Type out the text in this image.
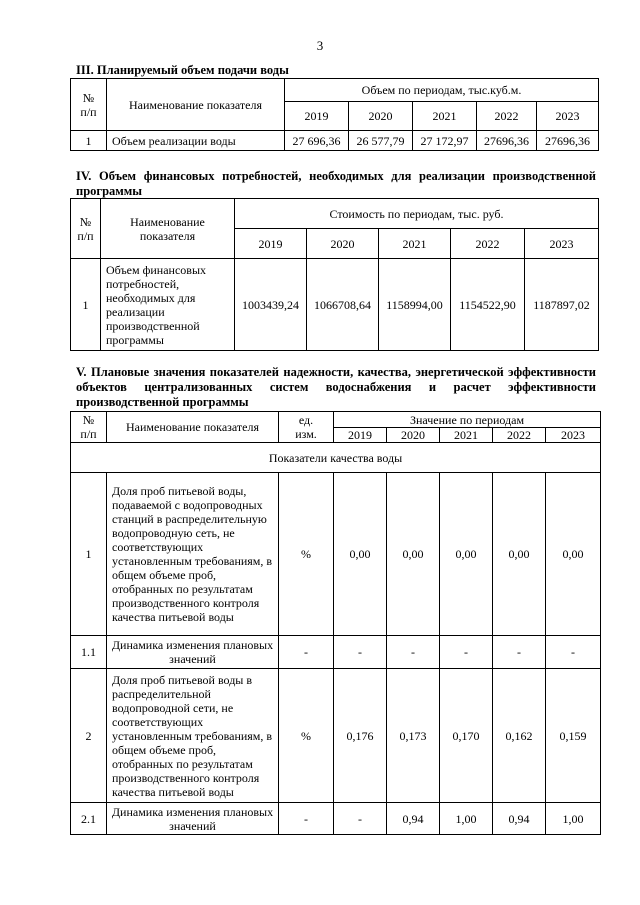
3
III. Планируемый объем подачи воды
№
п/п	Наименование показателя	Объем по периодам, тыс.куб.м.				
		2019	2020	2021	2022	2023
1	Объем реализации воды	27 696,36	26 577,79	27 172,97	27696,36	27696,36
IV. Объем финансовых потребностей, необходимых для реализации производственной программы
№
п/п	Наименование
показателя	Стоимость по периодам, тыс. руб.				
		2019	2020	2021	2022	2023
1	Объем финансовых потребностей, необходимых для реализации производственной программы	1003439,24	1066708,64	1158994,00	1154522,90	1187897,02
V. Плановые значения показателей надежности, качества, энергетической эффективности объектов централизованных систем водоснабжения и расчет эффективности производственной программы
№
п/п	Наименование показателя	ед.
изм.	Значение по периодам				
			2019	2020	2021	2022	2023
Показатели качества воды							
1	Доля проб питьевой воды, подаваемой с водопроводных станций в распределительную водопроводную сеть, не соответствующих установленным требованиям, в общем объеме проб, отобранных по результатам производственного контроля качества питьевой воды	%	0,00	0,00	0,00	0,00	0,00
1.1	Динамика изменения плановых значений	-	-	-	-	-	-
2	Доля проб питьевой воды в распределительной водопроводной сети, не соответствующих установленным требованиям, в общем объеме проб, отобранных по результатам производственного контроля качества питьевой воды	%	0,176	0,173	0,170	0,162	0,159
2.1	Динамика изменения плановых значений	-	-	0,94	1,00	0,94	1,00
